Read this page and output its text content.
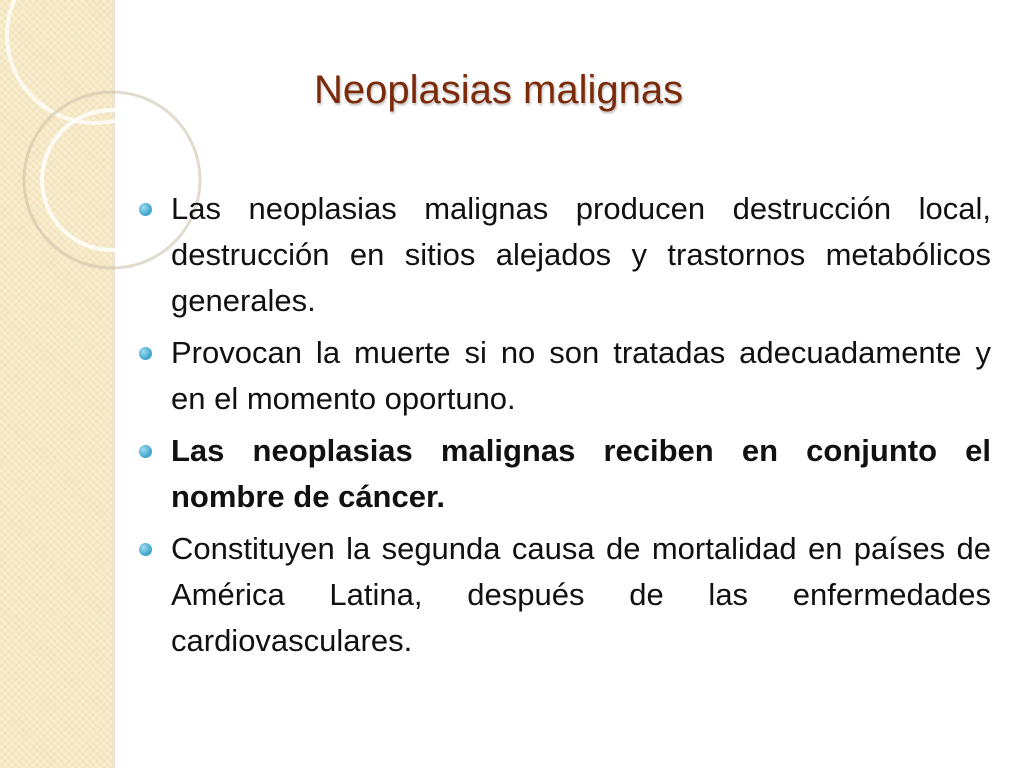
Neoplasias malignas
Las neoplasias malignas producen destrucción local, destrucción en sitios alejados y trastornos metabólicos generales.
Provocan la muerte si no son tratadas adecuadamente y en el momento oportuno.
Las neoplasias malignas reciben en conjunto el nombre de cáncer.
Constituyen la segunda causa de mortalidad en países de América Latina, después de las enfermedades cardiovasculares.
